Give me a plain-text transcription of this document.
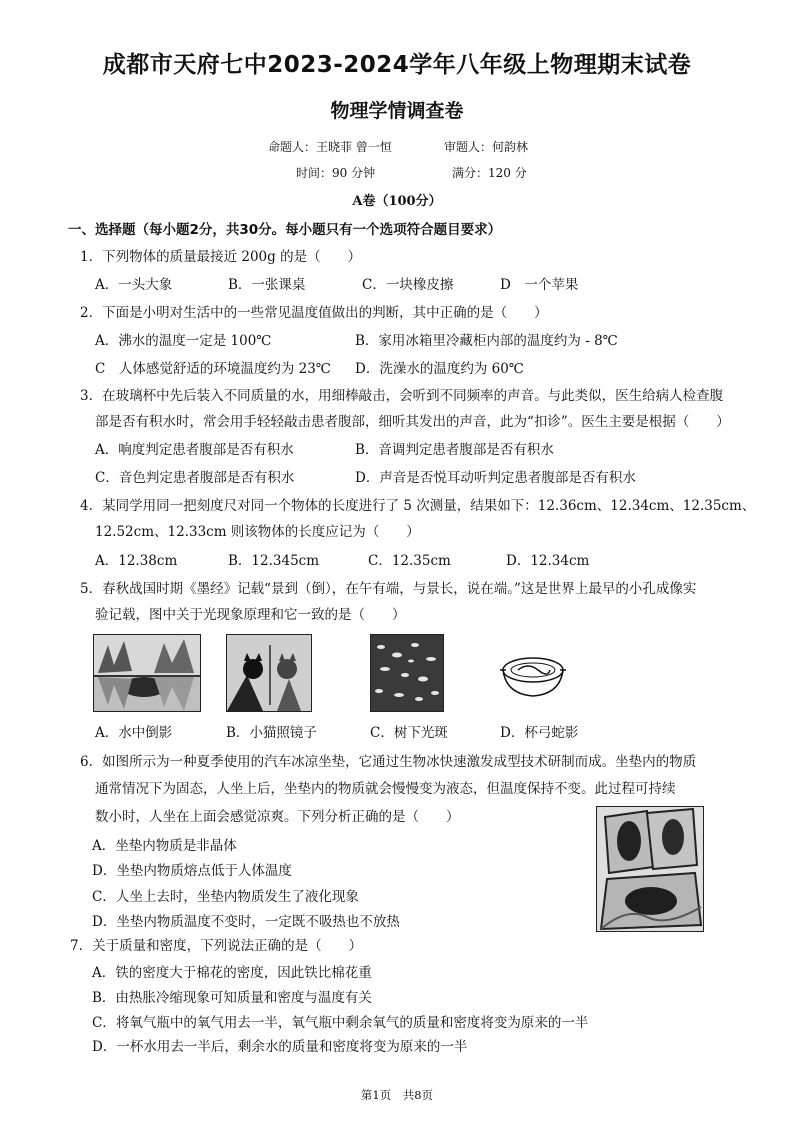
成都市天府七中2023-2024学年八年级上物理期末试卷
物理学情调查卷
命题人：王晓菲 曾一恒	审题人：何韵林
时间：90 分钟	满分：120 分
A卷（100分）
一、选择题（每小题2分，共30分。每小题只有一个选项符合题目要求）
1．下列物体的质量最接近 200g 的是（　　）
A．一头大象	B．一张课桌	C．一块橡皮擦	D　一个苹果
2．下面是小明对生活中的一些常见温度值做出的判断，其中正确的是（　　）
A．沸水的温度一定是 100℃	B．家用冰箱里冷藏柜内部的温度约为 - 8℃
C　人体感觉舒适的环境温度约为 23℃ D．洗澡水的温度约为 60℃
3．在玻璃杯中先后装入不同质量的水，用细棒敲击，会听到不同频率的声音。与此类似，医生给病人检查腹
部是否有积水时，常会用手轻轻敲击患者腹部，细听其发出的声音，此为“扣诊”。医生主要是根据（　　）
A．响度判定患者腹部是否有积水	B．音调判定患者腹部是否有积水
C．音色判定患者腹部是否有积水	D．声音是否悦耳动听判定患者腹部是否有积水
4．某同学用同一把刻度尺对同一个物体的长度进行了 5 次测量，结果如下：12.36cm、12.34cm、12.35cm、
12.52cm、12.33cm 则该物体的长度应记为（　　）
A．12.38cm	B．12.345cm	C．12.35cm	D．12.34cm
5．春秋战国时期《墨经》记载“景到（倒），在午有端，与景长，说在端。”这是世界上最早的小孔成像实
验记载，图中关于光现象原理和它一致的是（　　）
A．水中倒影	B．小猫照镜子	C．树下光斑	D．杯弓蛇影
6．如图所示为一种夏季使用的汽车冰凉坐垫，它通过生物冰快速激发成型技术研制而成。坐垫内的物质
通常情况下为固态，人坐上后，坐垫内的物质就会慢慢变为液态，但温度保持不变。此过程可持续
数小时，人坐在上面会感觉凉爽。下列分析正确的是（　　）
A．坐垫内物质是非晶体
D．坐垫内物质熔点低于人体温度
C．人坐上去时，坐垫内物质发生了液化现象
D．坐垫内物质温度不变时，一定既不吸热也不放热
7．关于质量和密度，下列说法正确的是（　　）
A．铁的密度大于棉花的密度，因此铁比棉花重
B．由热胀冷缩现象可知质量和密度与温度有关
C．将氧气瓶中的氧气用去一半，氧气瓶中剩余氧气的质量和密度将变为原来的一半
D．一杯水用去一半后，剩余水的质量和密度将变为原来的一半
第1页　共8页
